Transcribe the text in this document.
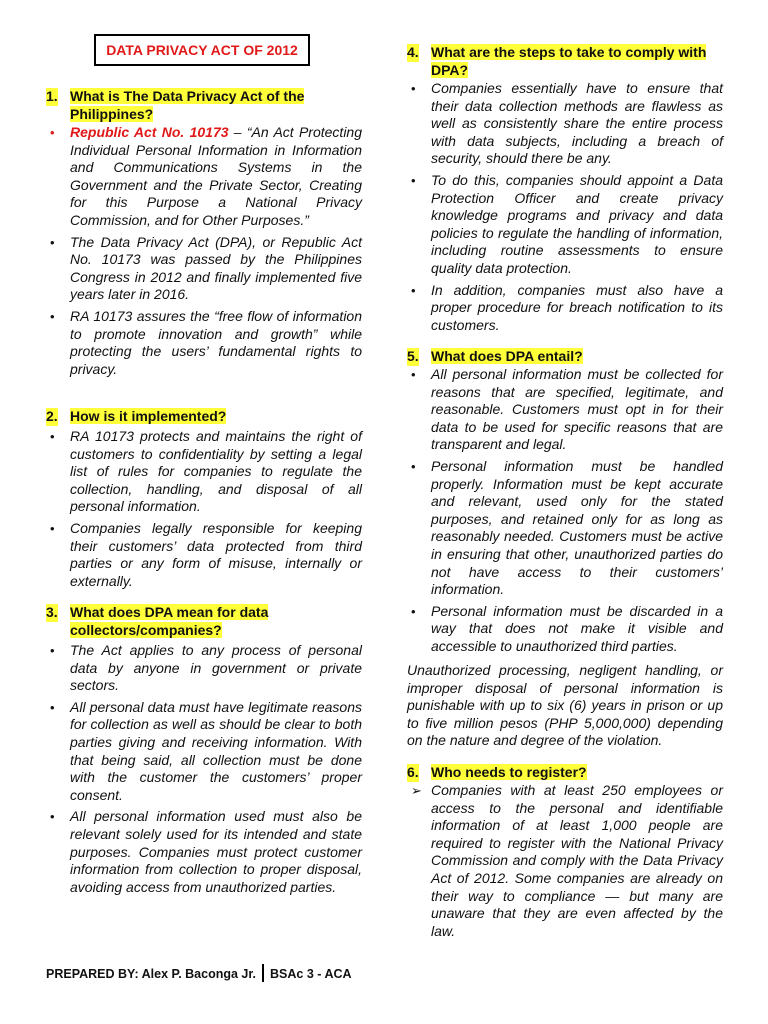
DATA PRIVACY ACT OF 2012
1. What is The Data Privacy Act of the
Philippines?
• Republic Act No. 10173 – “An Act Protecting Individual Personal Information in Information and Communications Systems in the Government and the Private Sector, Creating for this Purpose a National Privacy Commission, and for Other Purposes.”
• The Data Privacy Act (DPA), or Republic Act No. 10173 was passed by the Philippines Congress in 2012 and finally implemented five years later in 2016.
• RA 10173 assures the “free flow of information to promote innovation and growth” while protecting the users’ fundamental rights to privacy.
2. How is it implemented?
• RA 10173 protects and maintains the right of customers to confidentiality by setting a legal list of rules for companies to regulate the collection, handling, and disposal of all personal information.
• Companies legally responsible for keeping their customers’ data protected from third parties or any form of misuse, internally or externally.
3. What does DPA mean for data
collectors/companies?
• The Act applies to any process of personal data by anyone in government or private sectors.
• All personal data must have legitimate reasons for collection as well as should be clear to both parties giving and receiving information. With that being said, all collection must be done with the customer the customers’ proper consent.
• All personal information used must also be relevant solely used for its intended and state purposes. Companies must protect customer information from collection to proper disposal, avoiding access from unauthorized parties.
4. What are the steps to take to comply with
DPA?
• Companies essentially have to ensure that their data collection methods are flawless as well as consistently share the entire process with data subjects, including a breach of security, should there be any.
• To do this, companies should appoint a Data Protection Officer and create privacy knowledge programs and privacy and data policies to regulate the handling of information, including routine assessments to ensure quality data protection.
• In addition, companies must also have a proper procedure for breach notification to its customers.
5. What does DPA entail?
• All personal information must be collected for reasons that are specified, legitimate, and reasonable. Customers must opt in for their data to be used for specific reasons that are transparent and legal.
• Personal information must be handled properly. Information must be kept accurate and relevant, used only for the stated purposes, and retained only for as long as reasonably needed. Customers must be active in ensuring that other, unauthorized parties do not have access to their customers’ information.
• Personal information must be discarded in a way that does not make it visible and accessible to unauthorized third parties.
Unauthorized processing, negligent handling, or improper disposal of personal information is punishable with up to six (6) years in prison or up to five million pesos (PHP 5,000,000) depending on the nature and degree of the violation.
6. Who needs to register?
➢ Companies with at least 250 employees or access to the personal and identifiable information of at least 1,000 people are required to register with the National Privacy Commission and comply with the Data Privacy Act of 2012. Some companies are already on their way to compliance — but many are unaware that they are even affected by the law.
PREPARED BY: Alex P. Baconga Jr. BSAc 3 - ACA
